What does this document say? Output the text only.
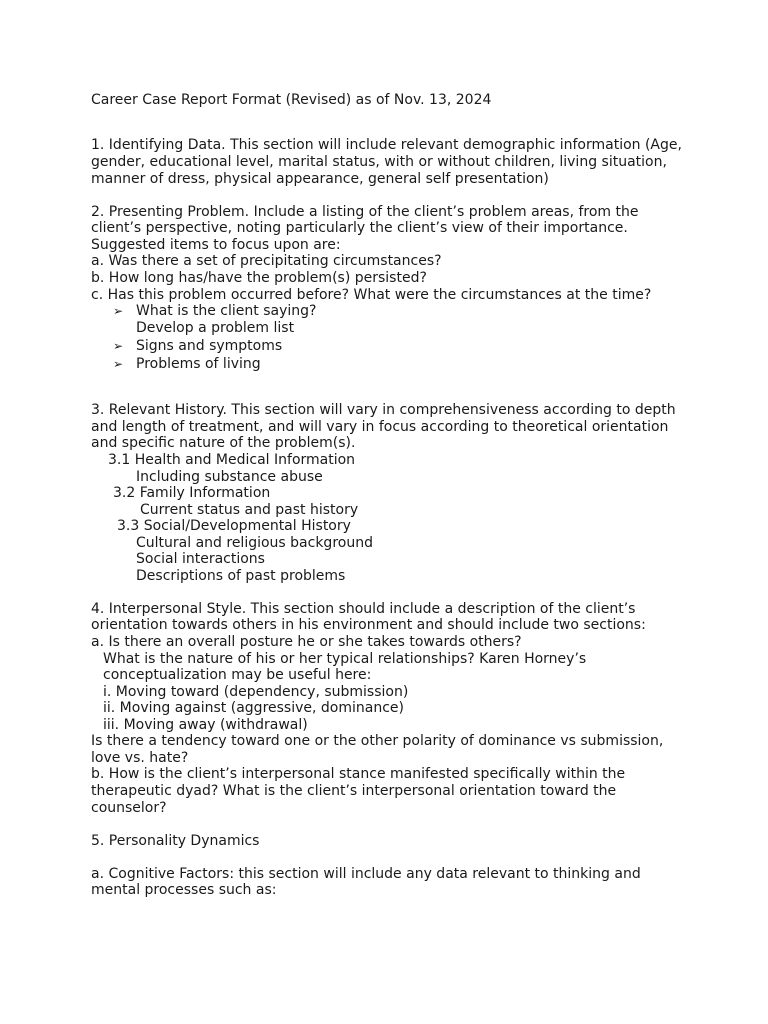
Career Case Report Format (Revised) as of Nov. 13, 2024
1. Identifying Data. This section will include relevant demographic information (Age,
gender, educational level, marital status, with or without children, living situation,
manner of dress, physical appearance, general self presentation)
2. Presenting Problem. Include a listing of the client’s problem areas, from the
client’s perspective, noting particularly the client’s view of their importance.
Suggested items to focus upon are:
a. Was there a set of precipitating circumstances?
b. How long has/have the problem(s) persisted?
c. Has this problem occurred before? What were the circumstances at the time?
➢ What is the client saying?
Develop a problem list
➢ Signs and symptoms
➢ Problems of living
3. Relevant History. This section will vary in comprehensiveness according to depth
and length of treatment, and will vary in focus according to theoretical orientation
and specific nature of the problem(s).
3.1 Health and Medical Information
Including substance abuse
3.2 Family Information
Current status and past history
3.3 Social/Developmental History
Cultural and religious background
Social interactions
Descriptions of past problems
4. Interpersonal Style. This section should include a description of the client’s
orientation towards others in his environment and should include two sections:
a. Is there an overall posture he or she takes towards others?
What is the nature of his or her typical relationships? Karen Horney’s
conceptualization may be useful here:
i. Moving toward (dependency, submission)
ii. Moving against (aggressive, dominance)
iii. Moving away (withdrawal)
Is there a tendency toward one or the other polarity of dominance vs submission,
love vs. hate?
b. How is the client’s interpersonal stance manifested specifically within the
therapeutic dyad? What is the client’s interpersonal orientation toward the
counselor?
5. Personality Dynamics
a. Cognitive Factors: this section will include any data relevant to thinking and
mental processes such as:
